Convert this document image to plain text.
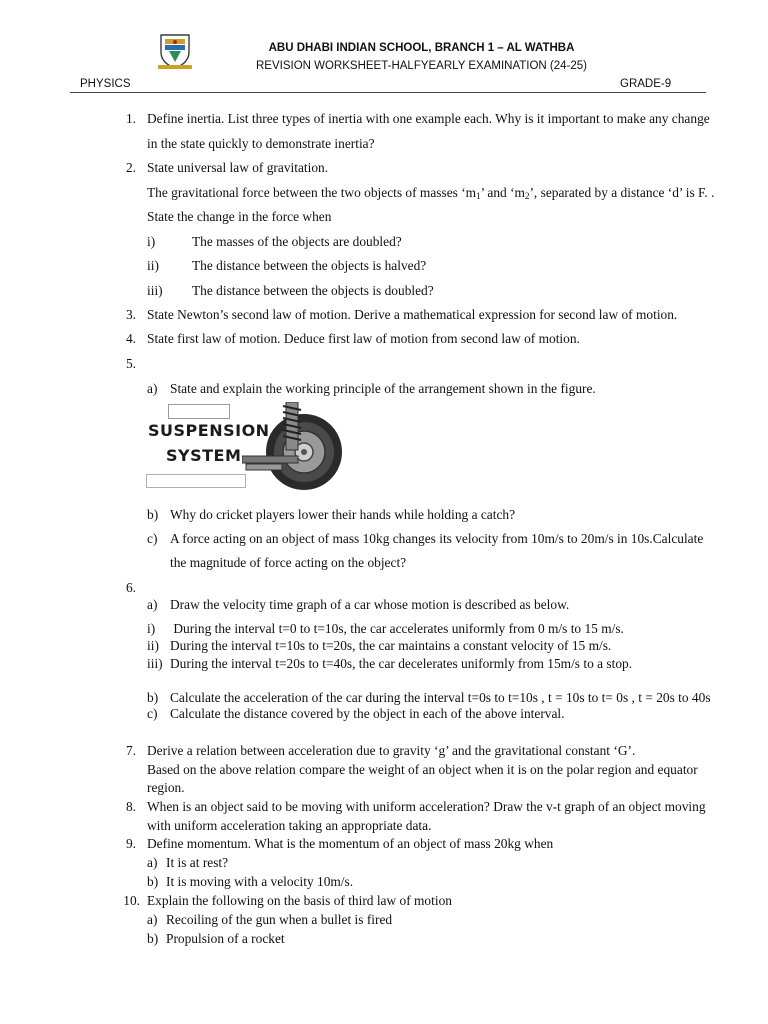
ABU DHABI INDIAN SCHOOL, BRANCH 1 – AL WATHBA
REVISION WORKSHEET-HALFYEARLY EXAMINATION (24-25)
PHYSICS	GRADE-9
1. Define inertia. List three types of inertia with one example each. Why is it important to make any change
in the state quickly to demonstrate inertia?
2. State universal law of gravitation.
The gravitational force between the two objects of masses ‘$m_1$’ and ‘$m_2$’, separated by a distance ‘d’ is F. .
State the change in the force when
i)	The masses of the objects are doubled?
ii) The distance between the objects is halved?
iii) The distance between the objects is doubled?
3. State Newton’s second law of motion. Derive a mathematical expression for second law of motion.
4. State first law of motion. Deduce first law of motion from second law of motion.
5.
a) State and explain the working principle of the arrangement shown in the figure.
SUSPENSION
SYSTEM
b) Why do cricket players lower their hands while holding a catch?
c) A force acting on an object of mass 10kg changes its velocity from 10m/s to 20m/s in 10s.Calculate
the magnitude of force acting on the object?
6.
a) Draw the velocity time graph of a car whose motion is described as below.
i) During the interval t=0 to t=10s, the car accelerates uniformly from 0 m/s to 15 m/s.
ii) During the interval t=10s to t=20s, the car maintains a constant velocity of 15 m/s.
iii) During the interval t=20s to t=40s, the car decelerates uniformly from 15m/s to a stop.
b) Calculate the acceleration of the car during the interval t=0s to t=10s , t = 10s to t= 0s , t = 20s to 40s
c) Calculate the distance covered by the object in each of the above interval.
7. Derive a relation between acceleration due to gravity ‘g’ and the gravitational constant ‘G’.
Based on the above relation compare the weight of an object when it is on the polar region and equator
region.
8. When is an object said to be moving with uniform acceleration? Draw the v-t graph of an object moving
with uniform acceleration taking an appropriate data.
9. Define momentum. What is the momentum of an object of mass 20kg when
a) It is at rest?
b) It is moving with a velocity 10m/s.
10. Explain the following on the basis of third law of motion
a) Recoiling of the gun when a bullet is fired
b) Propulsion of a rocket
